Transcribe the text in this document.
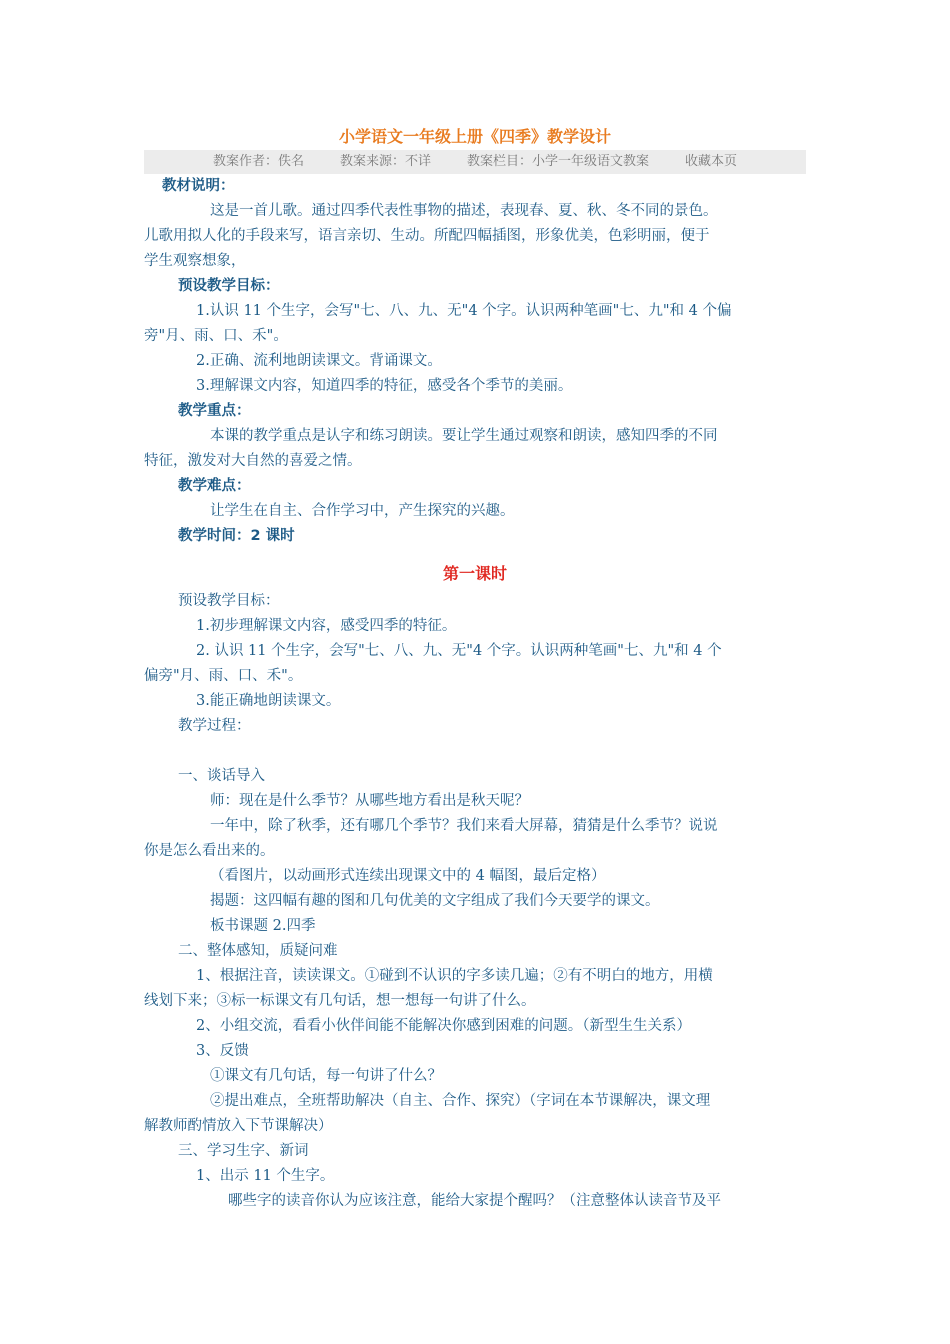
小学语文一年级上册《四季》教学设计
教案作者：佚名	教案来源：不详	教案栏目：小学一年级语文教案	收藏本页

教材说明：

这是一首儿歌。通过四季代表性事物的描述，表现春、夏、秋、冬不同的景色。

儿歌用拟人化的手段来写，语言亲切、生动。所配四幅插图，形象优美，色彩明丽，便于

学生观察想象，

预设教学目标：

1.认识 11 个生字，会写"七、八、九、无"4 个字。认识两种笔画"七、九"和 4 个偏

旁"月、雨、口、禾"。

2.正确、流利地朗读课文。背诵课文。

3.理解课文内容，知道四季的特征，感受各个季节的美丽。

教学重点：

本课的教学重点是认字和练习朗读。要让学生通过观察和朗读，感知四季的不同

特征，激发对大自然的喜爱之情。

教学难点：

让学生在自主、合作学习中，产生探究的兴趣。

教学时间：2 课时

第一课时

预设教学目标：

1.初步理解课文内容，感受四季的特征。

2. 认识 11 个生字，会写"七、八、九、无"4 个字。认识两种笔画"七、九"和 4 个

偏旁"月、雨、口、禾"。

3.能正确地朗读课文。

教学过程：

一、谈话导入

师：现在是什么季节？从哪些地方看出是秋天呢？

一年中，除了秋季，还有哪几个季节？我们来看大屏幕，猜猜是什么季节？说说

你是怎么看出来的。

（看图片，以动画形式连续出现课文中的 4 幅图，最后定格）

揭题：这四幅有趣的图和几句优美的文字组成了我们今天要学的课文。

板书课题 2.四季

二、整体感知，质疑问难

1、根据注音，读读课文。①碰到不认识的字多读几遍；②有不明白的地方，用横

线划下来；③标一标课文有几句话，想一想每一句讲了什么。

2、小组交流，看看小伙伴间能不能解决你感到困难的问题。（新型生生关系）

3、反馈

①课文有几句话，每一句讲了什么？

②提出难点，全班帮助解决（自主、合作、探究）（字词在本节课解决，课文理

解教师酌情放入下节课解决）

三、学习生字、新词

1、出示 11 个生字。

哪些字的读音你认为应该注意，能给大家提个醒吗？（注意整体认读音节及平
